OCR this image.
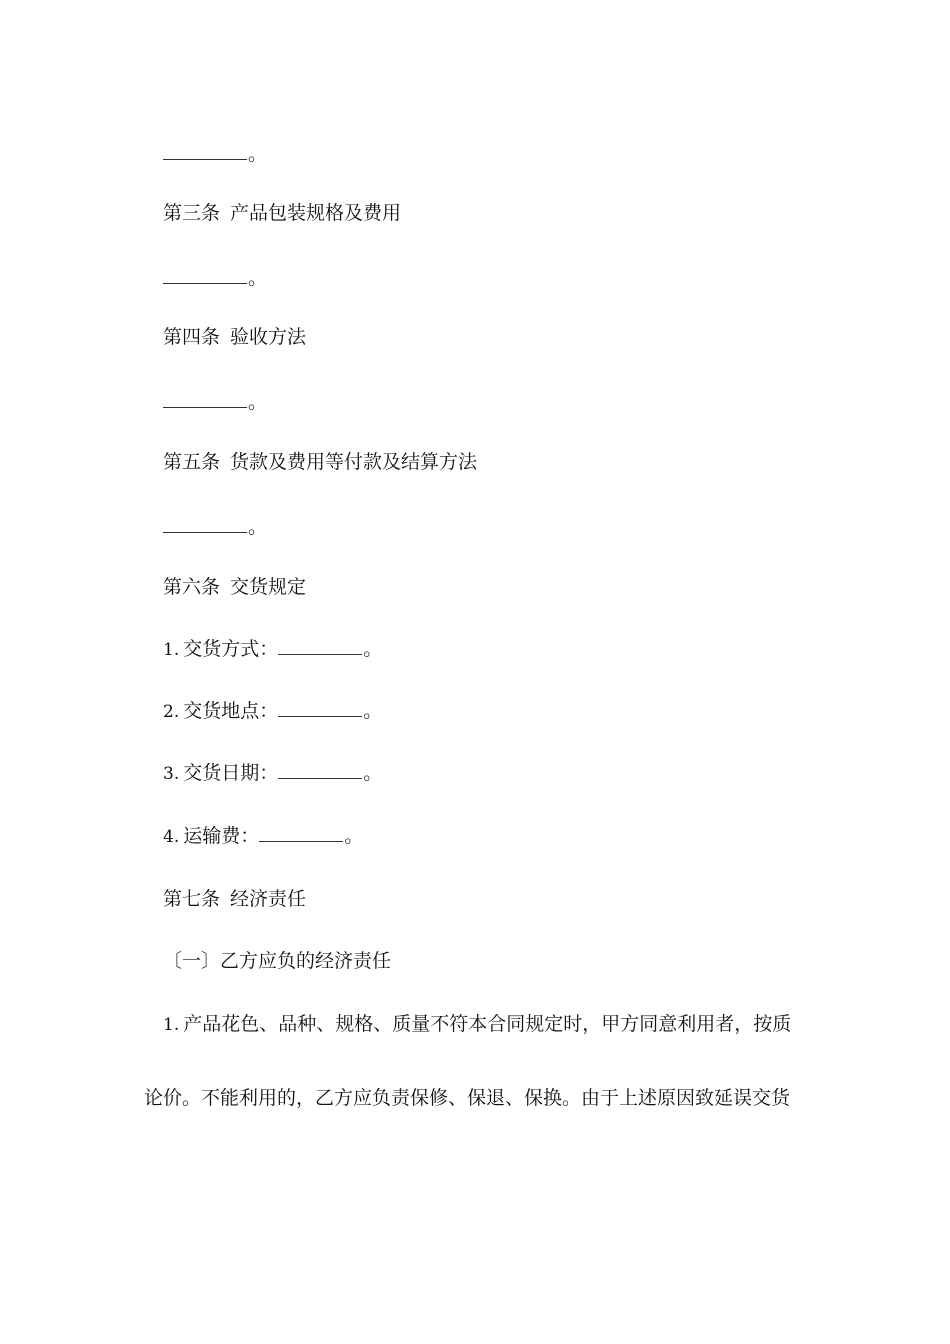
。
第三条 产品包装规格及费用
。
第四条 验收方法
。
第五条 货款及费用等付款及结算方法
。
第六条 交货规定
1. 交货方式：	。
2. 交货地点：	。
3. 交货日期：	。
4. 运输费：	。
第七条 经济责任
〔一〕乙方应负的经济责任
1. 产品花色、品种、规格、质量不符本合同规定时，甲方同意利用者，按质
论价。不能利用的，乙方应负责保修、保退、保换。由于上述原因致延误交货
